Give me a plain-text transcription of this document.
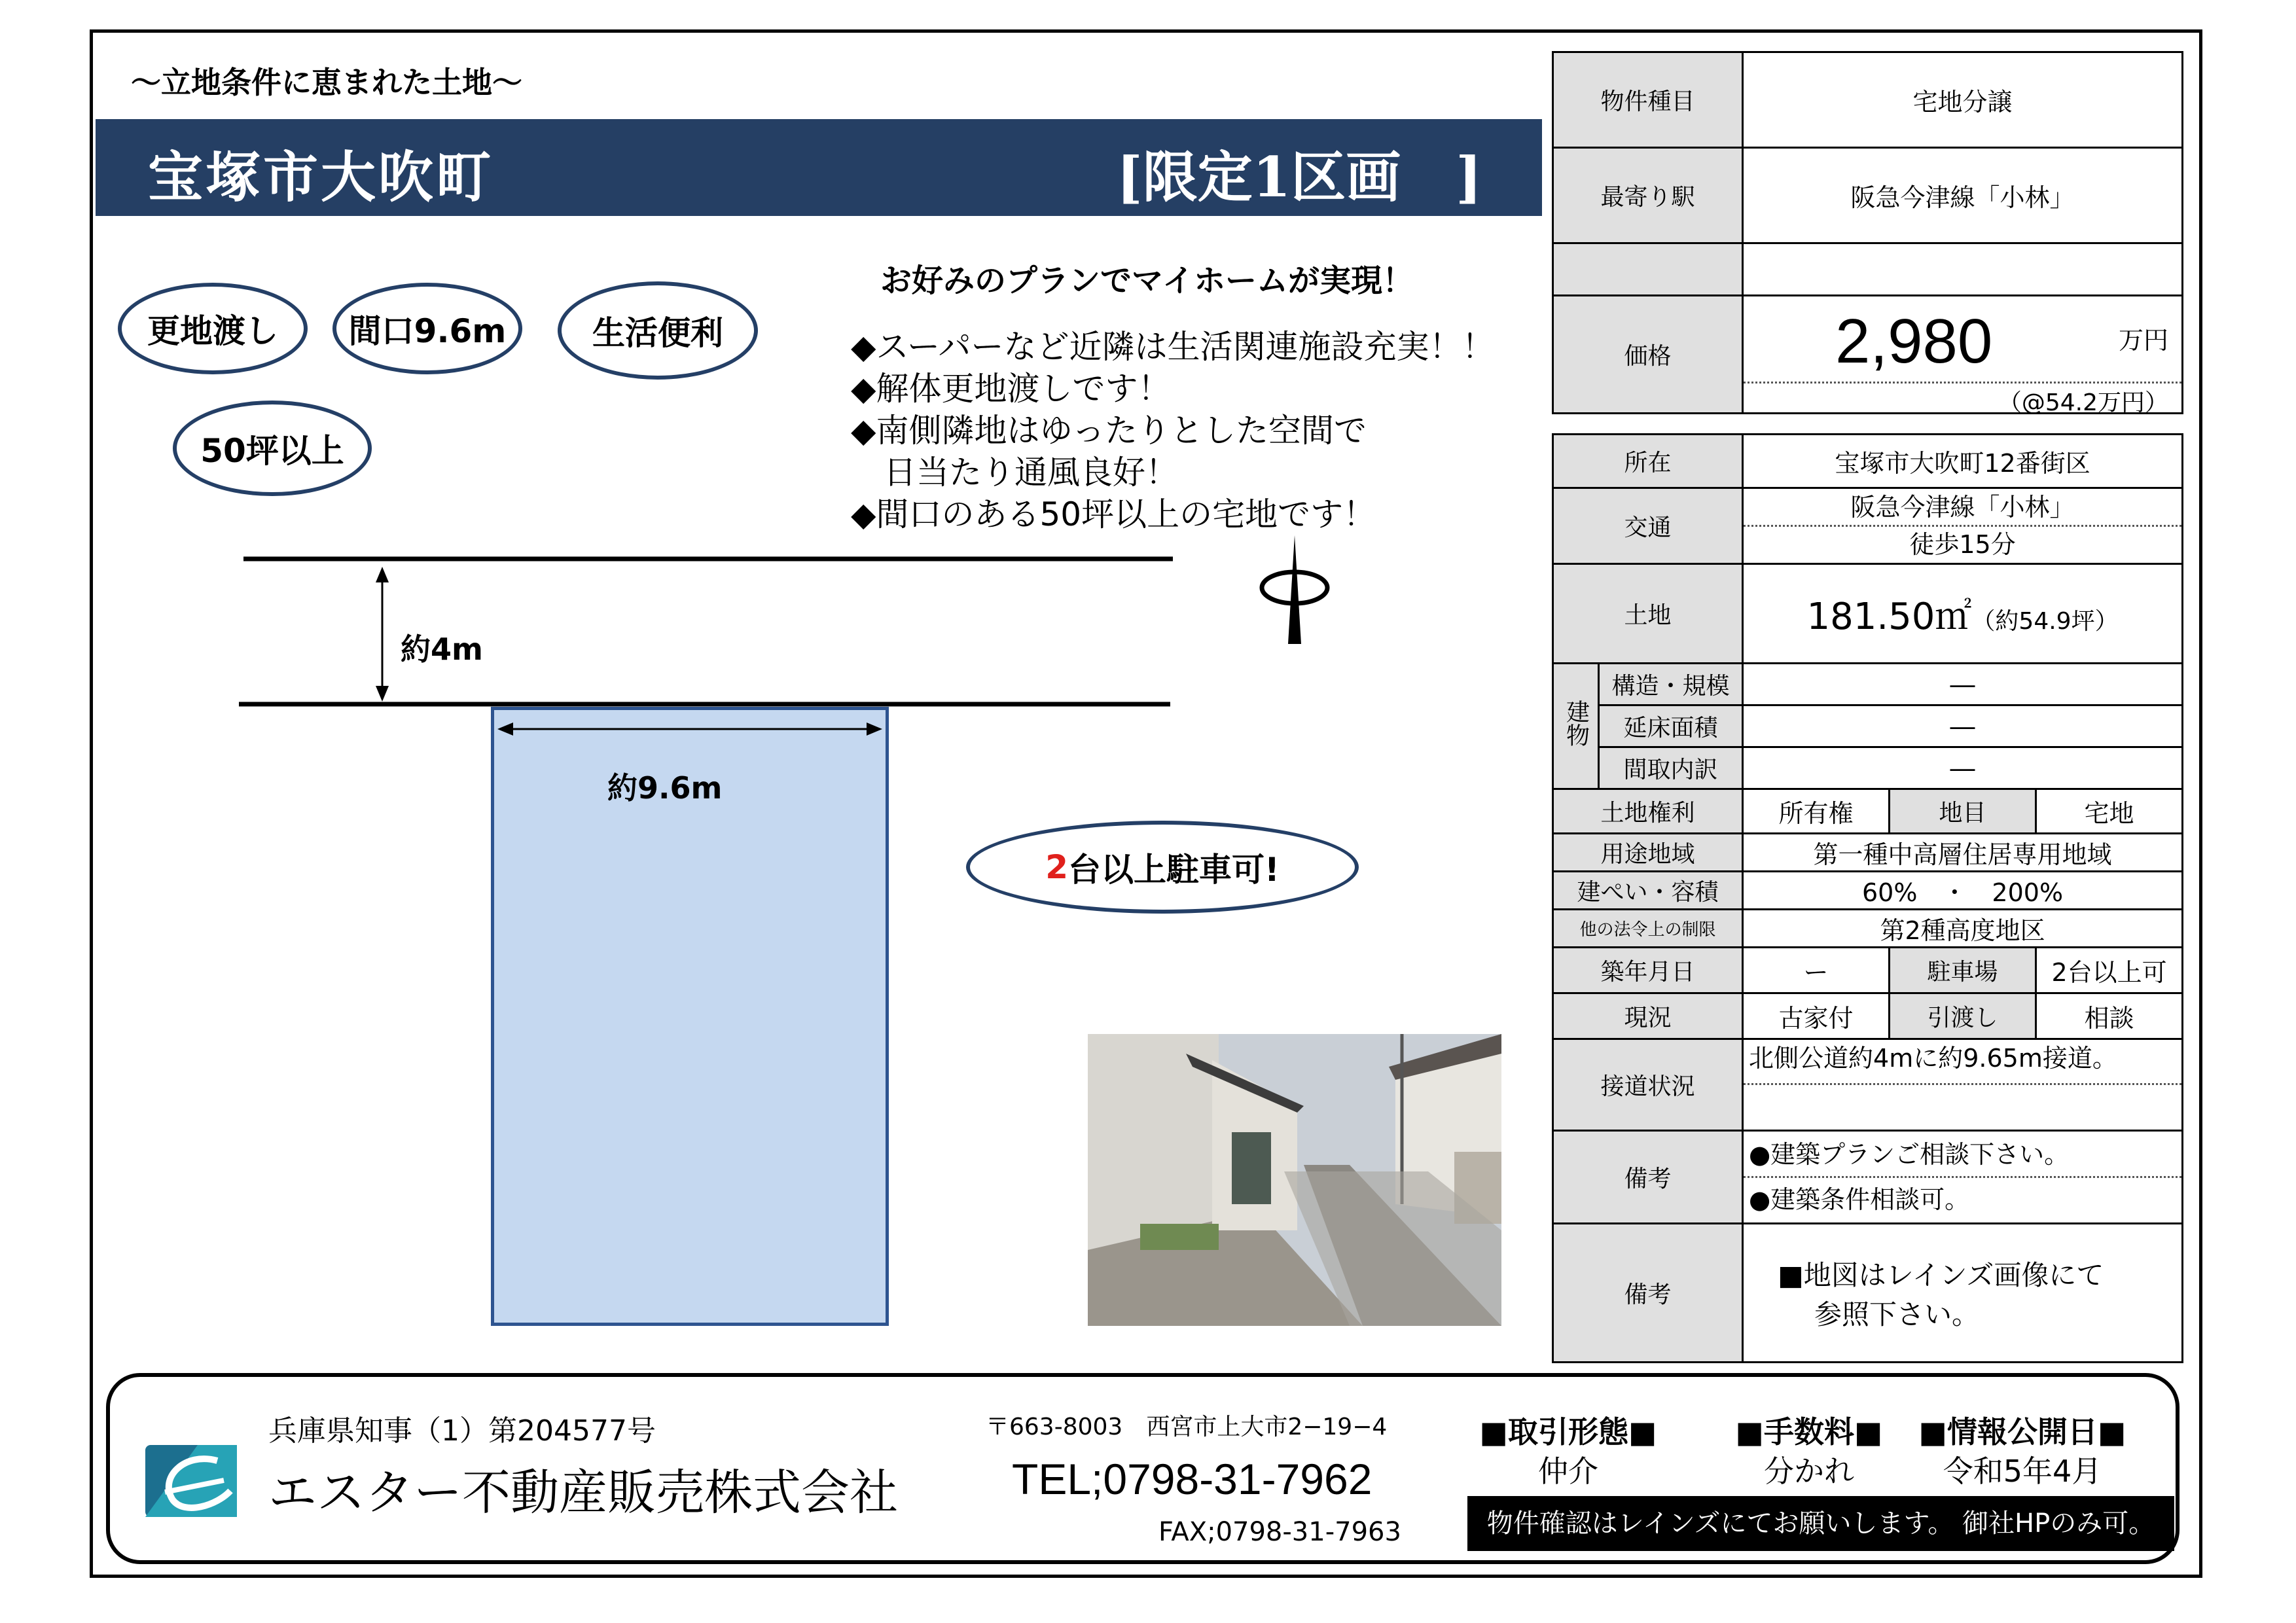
〜立地条件に恵まれた土地〜
宝塚市大吹町	[限定1区画　]
更地渡し 間口9.6m	生活便利
50坪以上
お好みのプランでマイホームが実現！
◆スーパーなど近隣は生活関連施設充実！！
◆解体更地渡しです！
◆南側隣地はゆったりとした空間で
　日当たり通風良好！
◆間口のある50坪以上の宅地です！
約4m
約9.6m
2 台以上駐車可!
物件種目	宅地分譲
最寄り駅	阪急今津線「小林」

価格	2,980 万円
（@54.2万円）
所在		宝塚市大吹町12番街区		
交通		阪急今津線「小林」
徒歩15分		

土地		181.50㎡（約54.9坪）		
建物	構造・規模	―		
	延床面積	―		
	間取内訳	―		
土地権利		所有権	地目	宅地
用途地域		第一種中高層住居専用地域		
建ぺい・容積		60%　・　200%		
他の法令上の制限		第2種高度地区		
築年月日		ー	駐車場	2台以上可
現況		古家付	引渡し	相談
接道状況		北側公道約4mに約9.65m接道。		

備考		●建築プランご相談下さい。
●建築条件相談可。		

備考		■地図はレインズ画像にて
参照下さい。		
兵庫県知事（1）第204577号
エスター不動産販売株式会社
〒663-8003　西宮市上大市2−19−4
TEL;0798-31-7962
FAX;0798-31-7963
■取引形態■
仲介
■手数料■
分かれ
■情報公開日■
令和5年4月
物件確認はレインズにてお願いします。 御社HPのみ可。
